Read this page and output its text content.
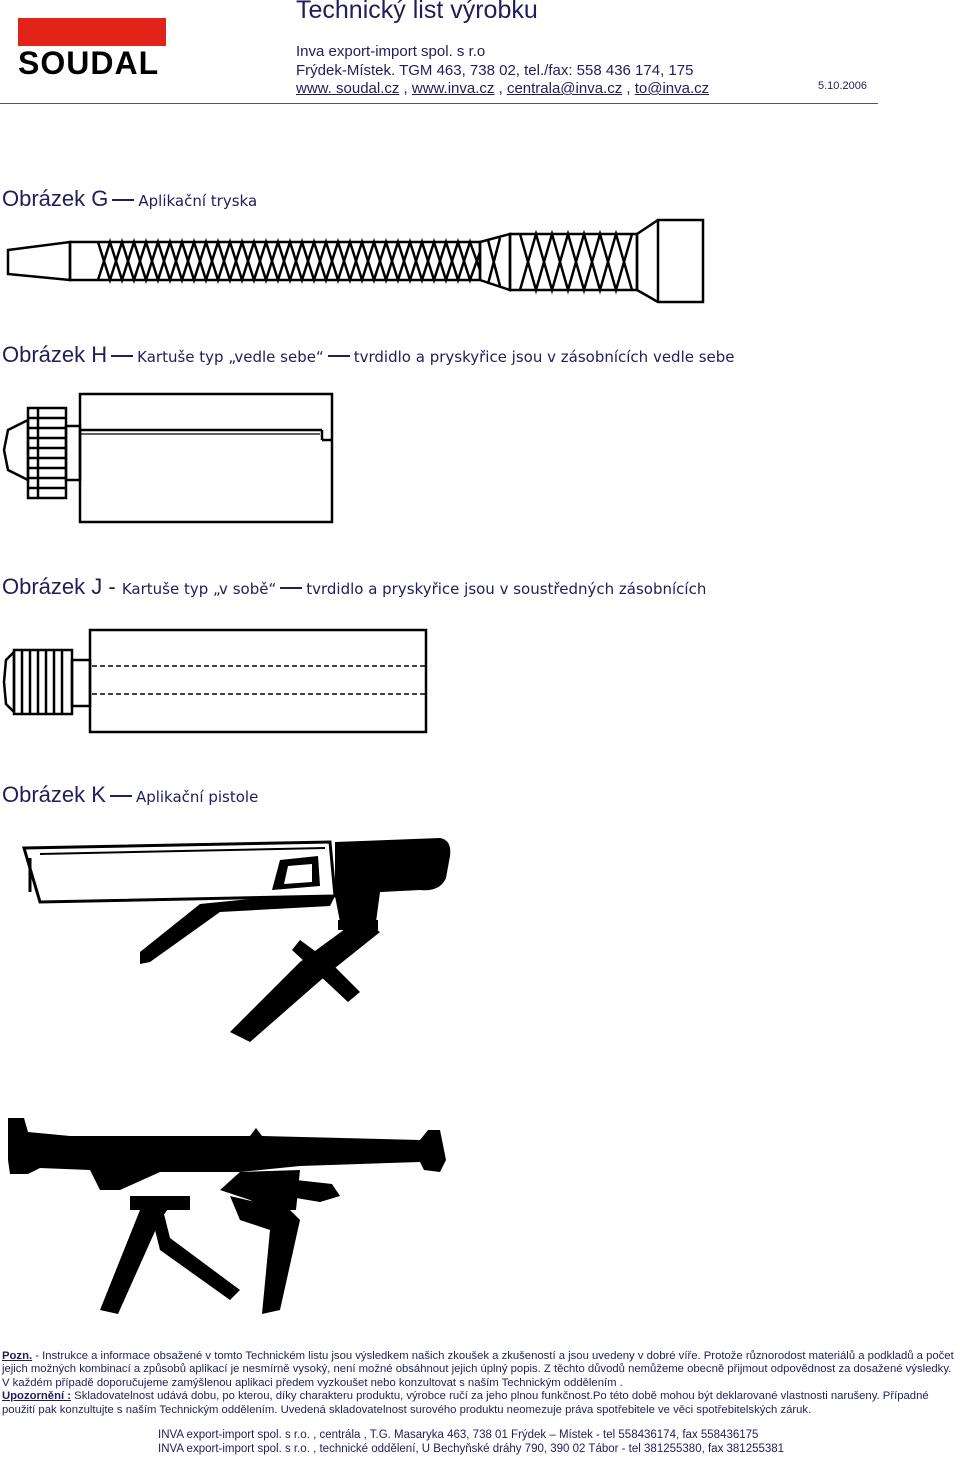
SOUDAL
Technický list výrobku
Inva export-import spol. s r.o
Frýdek-Místek. TGM 463, 738 02, tel./fax: 558 436 174, 175
www. soudal.cz , www.inva.cz , centrala@inva.cz , to@inva.cz	5.10.2006
Obrázek G Aplikační tryska
Obrázek H Kartuše typ „vedle sebe“ tvrdidlo a pryskyřice jsou v zásobnících vedle sebe
Obrázek J - Kartuše typ „v sobě“ tvrdidlo a pryskyřice jsou v soustředných zásobnících
Obrázek K Aplikační pistole

Pozn. - Instrukce a informace obsažené v tomto Technickém listu jsou výsledkem našich zkoušek a zkušeností a jsou uvedeny v dobré víře. Protože různorodost materiálů a podkladů a počet jejich možných kombinací a způsobů aplikací je nesmírně vysoký, není možné obsáhnout jejich úplný popis. Z těchto důvodů nemůžeme obecně přijmout odpovědnost za dosažené výsledky. V každém případě doporučujeme zamýšlenou aplikaci předem vyzkoušet nebo konzultovat s naším Technickým oddělením .

Upozornění : Skladovatelnost udává dobu, po kterou, díky charakteru produktu, výrobce ručí za jeho plnou funkčnost.Po této době mohou být deklarované vlastnosti narušeny. Případné použití pak konzultujte s naším Technickým oddělením. Uvedená skladovatelnost surového produktu neomezuje práva spotřebitele ve věci spotřebitelských záruk.

INVA export-import spol. s r.o. , centrála , T.G. Masaryka 463, 738 01 Frýdek – Místek - tel 558436174, fax 558436175
INVA export-import spol. s r.o. , technické oddělení, U Bechyňské dráhy 790, 390 02 Tábor - tel 381255380, fax 381255381
